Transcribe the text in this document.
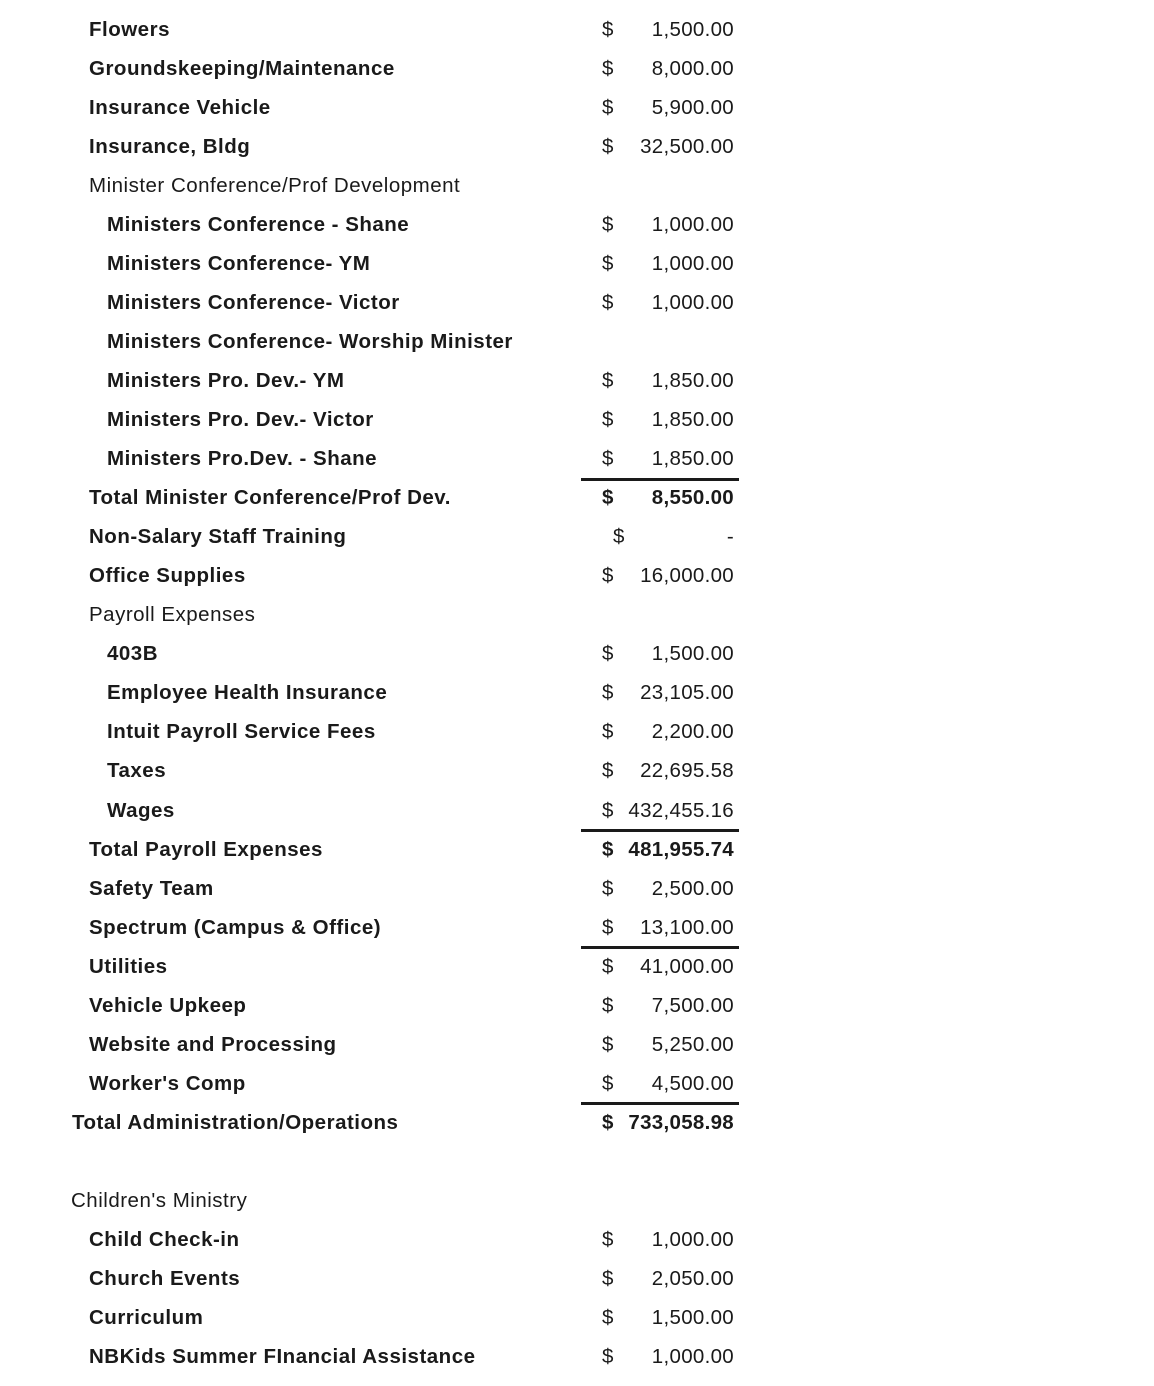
Flowers	$ 1,500.00
Groundskeeping/Maintenance	$ 8,000.00
Insurance Vehicle	$ 5,900.00
Insurance, Bldg	$ 32,500.00
Minister Conference/Prof Development
Ministers Conference - Shane	$ 1,000.00
Ministers Conference- YM	$ 1,000.00
Ministers Conference- Victor	$ 1,000.00
Ministers Conference- Worship Minister
Ministers Pro. Dev.- YM	$ 1,850.00
Ministers Pro. Dev.- Victor	$ 1,850.00
Ministers Pro.Dev. - Shane	$ 1,850.00
Total Minister Conference/Prof Dev.	$ 8,550.00
Non-Salary Staff Training	$	-
Office Supplies	$ 16,000.00
Payroll Expenses
403B	$ 1,500.00
Employee Health Insurance	$ 23,105.00
Intuit Payroll Service Fees	$ 2,200.00
Taxes	$ 22,695.58
Wages	$ 432,455.16
Total Payroll Expenses	$ 481,955.74
Safety Team	$ 2,500.00
Spectrum (Campus & Office)	$ 13,100.00
Utilities	$ 41,000.00
Vehicle Upkeep	$ 7,500.00
Website and Processing	$ 5,250.00
Worker's Comp	$ 4,500.00
Total Administration/Operations	$ 733,058.98
Children's Ministry
Child Check-in	$ 1,000.00
Church Events	$ 2,050.00
Curriculum	$ 1,500.00
NBKids Summer FInancial Assistance	$ 1,000.00
